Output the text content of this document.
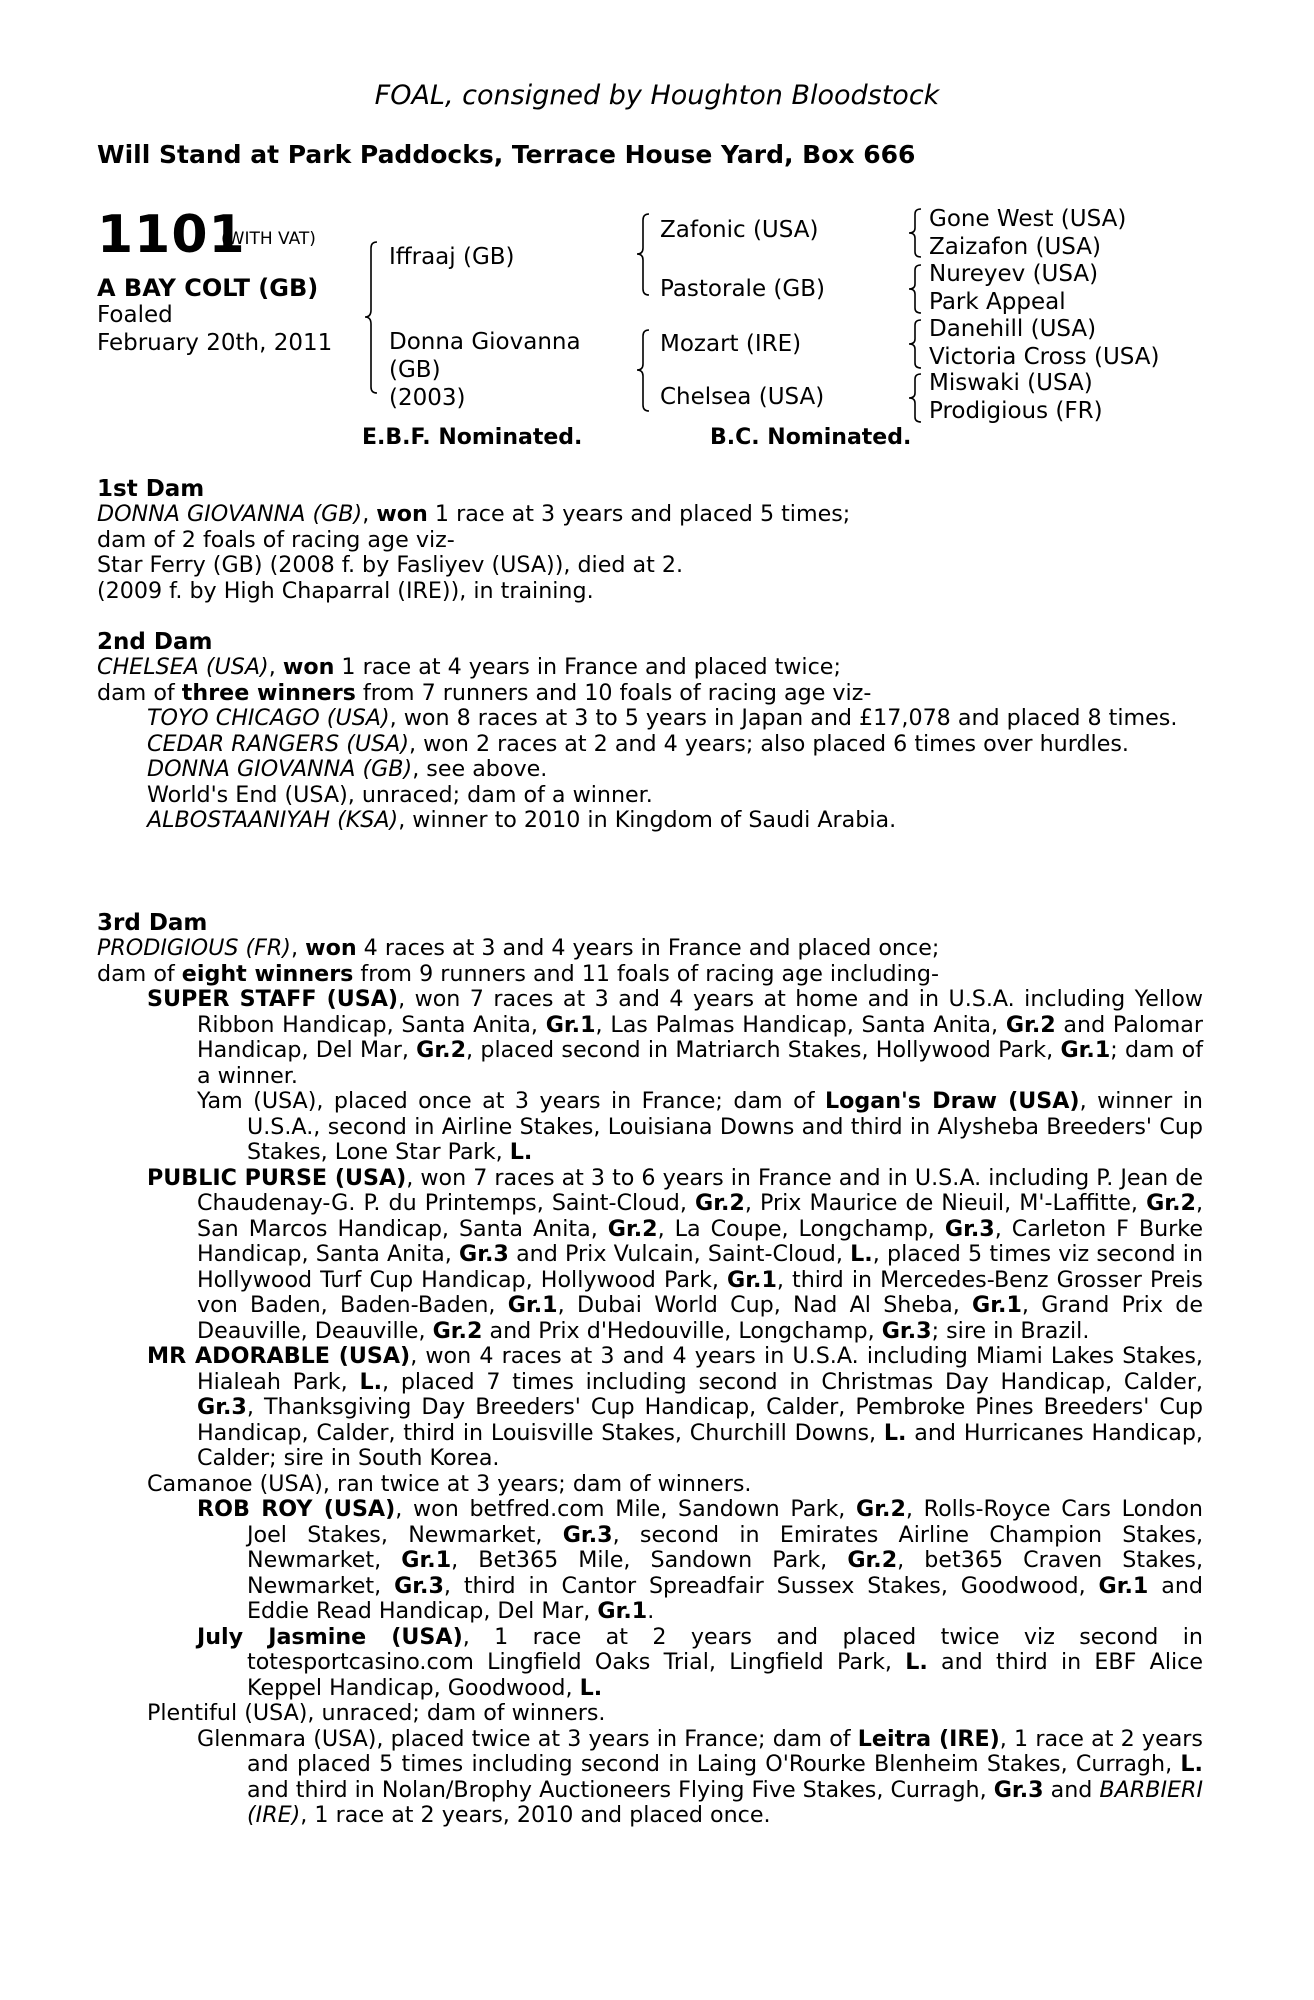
FOAL, consigned by Houghton Bloodstock
Will Stand at Park Paddocks, Terrace House Yard, Box 666
1101
(WITH VAT)
A BAY COLT (GB)
Foaled
February 20th, 2011
Iffraaj (GB)
Donna Giovanna
(GB)
(2003)
Zafonic (USA)
Pastorale (GB)
Mozart (IRE)
Chelsea (USA)
Gone West (USA)
Zaizafon (USA)
Nureyev (USA)
Park Appeal
Danehill (USA)
Victoria Cross (USA)
Miswaki (USA)
Prodigious (FR)
E.B.F. Nominated.	B.C. Nominated.
1st Dam

DONNA GIOVANNA (GB), won 1 race at 3 years and placed 5 times;

dam of 2 foals of racing age viz-

Star Ferry (GB) (2008 f. by Fasliyev (USA)), died at 2.

(2009 f. by High Chaparral (IRE)), in training.

2nd Dam

CHELSEA (USA), won 1 race at 4 years in France and placed twice;

dam of three winners from 7 runners and 10 foals of racing age viz-

TOYO CHICAGO (USA), won 8 races at 3 to 5 years in Japan and £17,078 and placed 8 times.

CEDAR RANGERS (USA), won 2 races at 2 and 4 years; also placed 6 times over hurdles.

DONNA GIOVANNA (GB), see above.

World's End (USA), unraced; dam of a winner.

ALBOSTAANIYAH (KSA), winner to 2010 in Kingdom of Saudi Arabia.

3rd Dam

PRODIGIOUS (FR), won 4 races at 3 and 4 years in France and placed once;

dam of eight winners from 9 runners and 11 foals of racing age including-

SUPER STAFF (USA), won 7 races at 3 and 4 years at home and in U.S.A. including Yellow Ribbon Handicap, Santa Anita, Gr.1, Las Palmas Handicap, Santa Anita, Gr.2 and Palomar Handicap, Del Mar, Gr.2, placed second in Matriarch Stakes, Hollywood Park, Gr.1; dam of a winner.

Yam (USA), placed once at 3 years in France; dam of Logan's Draw (USA), winner in U.S.A., second in Airline Stakes, Louisiana Downs and third in Alysheba Breeders' Cup Stakes, Lone Star Park, L.

PUBLIC PURSE (USA), won 7 races at 3 to 6 years in France and in U.S.A. including P. Jean de Chaudenay-G. P. du Printemps, Saint-Cloud, Gr.2, Prix Maurice de Nieuil, M'-Laffitte, Gr.2, San Marcos Handicap, Santa Anita, Gr.2, La Coupe, Longchamp, Gr.3, Carleton F Burke Handicap, Santa Anita, Gr.3 and Prix Vulcain, Saint-Cloud, L., placed 5 times viz second in Hollywood Turf Cup Handicap, Hollywood Park, Gr.1, third in Mercedes-Benz Grosser Preis von Baden, Baden-Baden, Gr.1, Dubai World Cup, Nad Al Sheba, Gr.1, Grand Prix de Deauville, Deauville, Gr.2 and Prix d'Hedouville, Longchamp, Gr.3; sire in Brazil.

MR ADORABLE (USA), won 4 races at 3 and 4 years in U.S.A. including Miami Lakes Stakes, Hialeah Park, L., placed 7 times including second in Christmas Day Handicap, Calder, Gr.3, Thanksgiving Day Breeders' Cup Handicap, Calder, Pembroke Pines Breeders' Cup Handicap, Calder, third in Louisville Stakes, Churchill Downs, L. and Hurricanes Handicap, Calder; sire in South Korea.

Camanoe (USA), ran twice at 3 years; dam of winners.

ROB ROY (USA), won betfred.com Mile, Sandown Park, Gr.2, Rolls-Royce Cars London Joel Stakes, Newmarket, Gr.3, second in Emirates Airline Champion Stakes, Newmarket, Gr.1, Bet365 Mile, Sandown Park, Gr.2, bet365 Craven Stakes, Newmarket, Gr.3, third in Cantor Spreadfair Sussex Stakes, Goodwood, Gr.1 and Eddie Read Handicap, Del Mar, Gr.1.

July Jasmine (USA), 1 race at 2 years and placed twice viz second in totesportcasino.com Lingfield Oaks Trial, Lingfield Park, L. and third in EBF Alice Keppel Handicap, Goodwood, L.

Plentiful (USA), unraced; dam of winners.

Glenmara (USA), placed twice at 3 years in France; dam of Leitra (IRE), 1 race at 2 years and placed 5 times including second in Laing O'Rourke Blenheim Stakes, Curragh, L. and third in Nolan/Brophy Auctioneers Flying Five Stakes, Curragh, Gr.3 and BARBIERI (IRE), 1 race at 2 years, 2010 and placed once.
